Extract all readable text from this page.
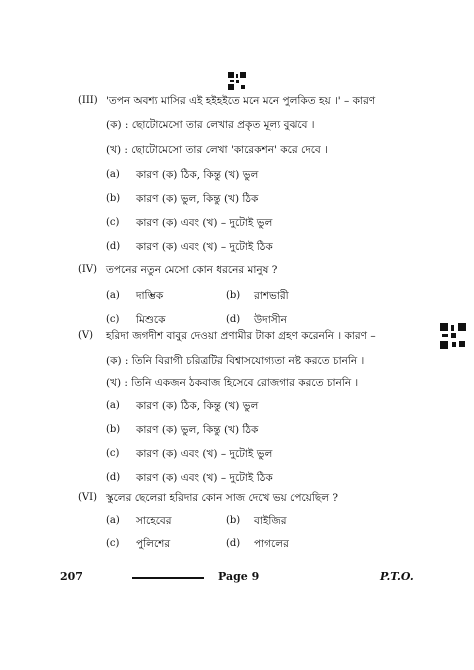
(III) 'তপন অবশ্য মাসির এই হইহইতে মনে মনে পুলকিত হয় ।' – কারণ
(ক) : ছোটোমেসো তার লেখার প্রকৃত মূল্য বুঝবে ।
(খ) : ছোটোমেসো তার লেখা 'কারেকশন' করে দেবে ।
(a) কারণ (ক) ঠিক, কিন্তু (খ) ভুল
(b) কারণ (ক) ভুল, কিন্তু (খ) ঠিক
(c) কারণ (ক) এবং (খ) – দুটোই ভুল
(d) কারণ (ক) এবং (খ) – দুটোই ঠিক
(IV) তপনের নতুন মেসো কোন ধরনের মানুষ ?
(a) দাম্ভিক	(b) রাশভারী
(c) মিশুকে	(d) উদাসীন
(V) হরিদা জগদীশ বাবুর দেওয়া প্রণামীর টাকা গ্রহণ করেননি । কারণ –
(ক) : তিনি বিরাগী চরিত্রটির বিশ্বাসযোগ্যতা নষ্ট করতে চাননি ।
(খ) : তিনি একজন ঠকবাজ হিসেবে রোজগার করতে চাননি ।
(a) কারণ (ক) ঠিক, কিন্তু (খ) ভুল
(b) কারণ (ক) ভুল, কিন্তু (খ) ঠিক
(c) কারণ (ক) এবং (খ) – দুটোই ভুল
(d) কারণ (ক) এবং (খ) – দুটোই ঠিক
(VI) স্কুলের ছেলেরা হরিদার কোন সাজ দেখে ভয় পেয়েছিল ?
(a) সাহেবের	(b) বাইজির
(c) পুলিশের	(d) পাগলের
207	Page 9	P.T.O.
